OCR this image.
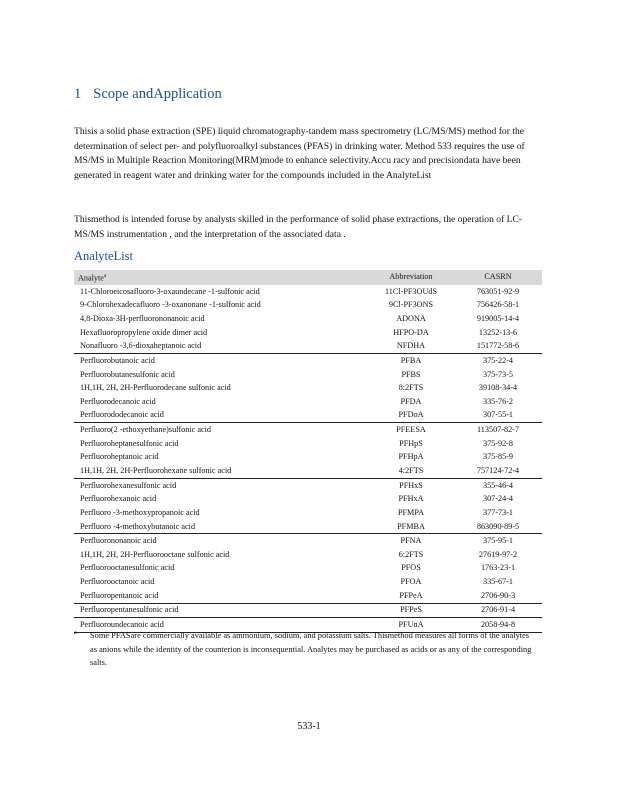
1 Scope andApplication
Thisis a solid phase extraction (SPE) liquid chromatography-tandem mass spectrometry (LC/MS/MS) method for the determination of select per- and polyfluoroalkyl substances (PFAS) in drinking water. Method 533 requires the use of MS/MS in Multiple Reaction Monitoring(MRM)mode to enhance selectivity.Accu racy and precisiondata have been generated in reagent water and drinking water for the compounds included in the AnalyteList
Thismethod is intended foruse by analysts skilled in the performance of solid phase extractions, the operation of LC-MS/MS instrumentation , and the interpretation of the associated data .
AnalyteList
Analyte$^a$	Abbreviation	CASRN
11-Chloroeicosafluoro-3-oxaundecane -1-sulfonic acid	11Cl-PF3OUdS	763051-92-9
9-Chlorohexadecafluoro -3-oxanonane -1-sulfonic acid	9Cl-PF3ONS	756426-58-1
4,8-Dioxa-3H-perfluorononanoic acid	ADONA	919005-14-4
Hexafluoropropylene oxide dimer acid	HFPO-DA	13252-13-6
Nonafluoro -3,6-dioxaheptanoic acid	NFDHA	151772-58-6
Perfluorobutanoic acid	PFBA	375-22-4
Perfluorobutanesulfonic acid	PFBS	375-73-5
1H,1H, 2H, 2H-Perfluorodecane sulfonic acid	8:2FTS	39108-34-4
Perfluorodecanoic acid	PFDA	335-76-2
Perfluorododecanoic acid	PFDoA	307-55-1
Perfluoro(2 -ethoxyethane)sulfonic acid	PFEESA	113507-82-7
Perfluoroheptanesulfonic acid	PFHpS	375-92-8
Perfluoroheptanoic acid	PFHpA	375-85-9
1H,1H, 2H, 2H-Perfluorohexane sulfonic acid	4:2FTS	757124-72-4
Perfluorohexanesulfonic acid	PFHxS	355-46-4
Perfluorohexanoic acid	PFHxA	307-24-4
Perfluoro -3-methoxypropanoic acid	PFMPA	377-73-1
Perfluoro -4-methoxybutanoic acid	PFMBA	863090-89-5
Perfluorononanoic acid	PFNA	375-95-1
1H,1H, 2H, 2H-Perfluorooctane sulfonic acid	6:2FTS	27619-97-2
Perfluorooctanesulfonic acid	PFOS	1763-23-1
Perfluorooctanoic acid	PFOA	335-67-1
Perfluoropentanoic acid	PFPeA	2706-90-3
Perfluoropentanesulfonic acid	PFPeS	2706-91-4
Perfluoroundecanoic acid	PFUnA	2058-94-8
a Some PFASare commercially available as ammonium, sodium, and potassium salts. Thismethod measures all forms of the analytes as anions while the identity of the counterion is inconsequential. Analytes may be purchased as acids or as any of the corresponding salts.
533-1
